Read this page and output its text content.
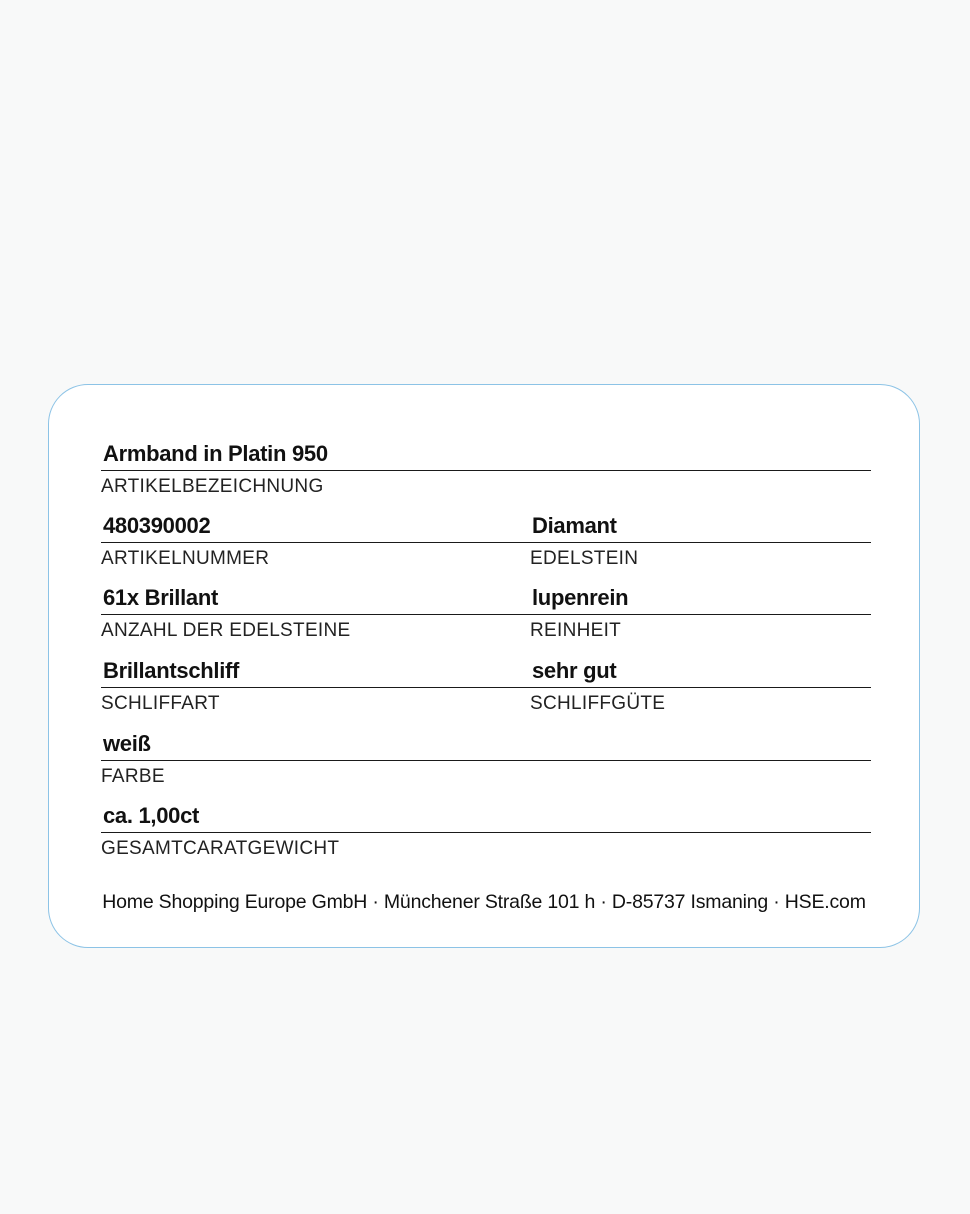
Armband in Platin 950
ARTIKELBEZEICHNUNG
480390002
ARTIKELNUMMER
Diamant
EDELSTEIN
61x Brillant
ANZAHL DER EDELSTEINE
lupenrein
REINHEIT
Brillantschliff
SCHLIFFART
sehr gut
SCHLIFFGÜTE
weiß
FARBE
ca. 1,00ct
GESAMTCARATGEWICHT
Home Shopping Europe GmbH · Münchener Straße 101 h · D-85737 Ismaning · HSE.com
